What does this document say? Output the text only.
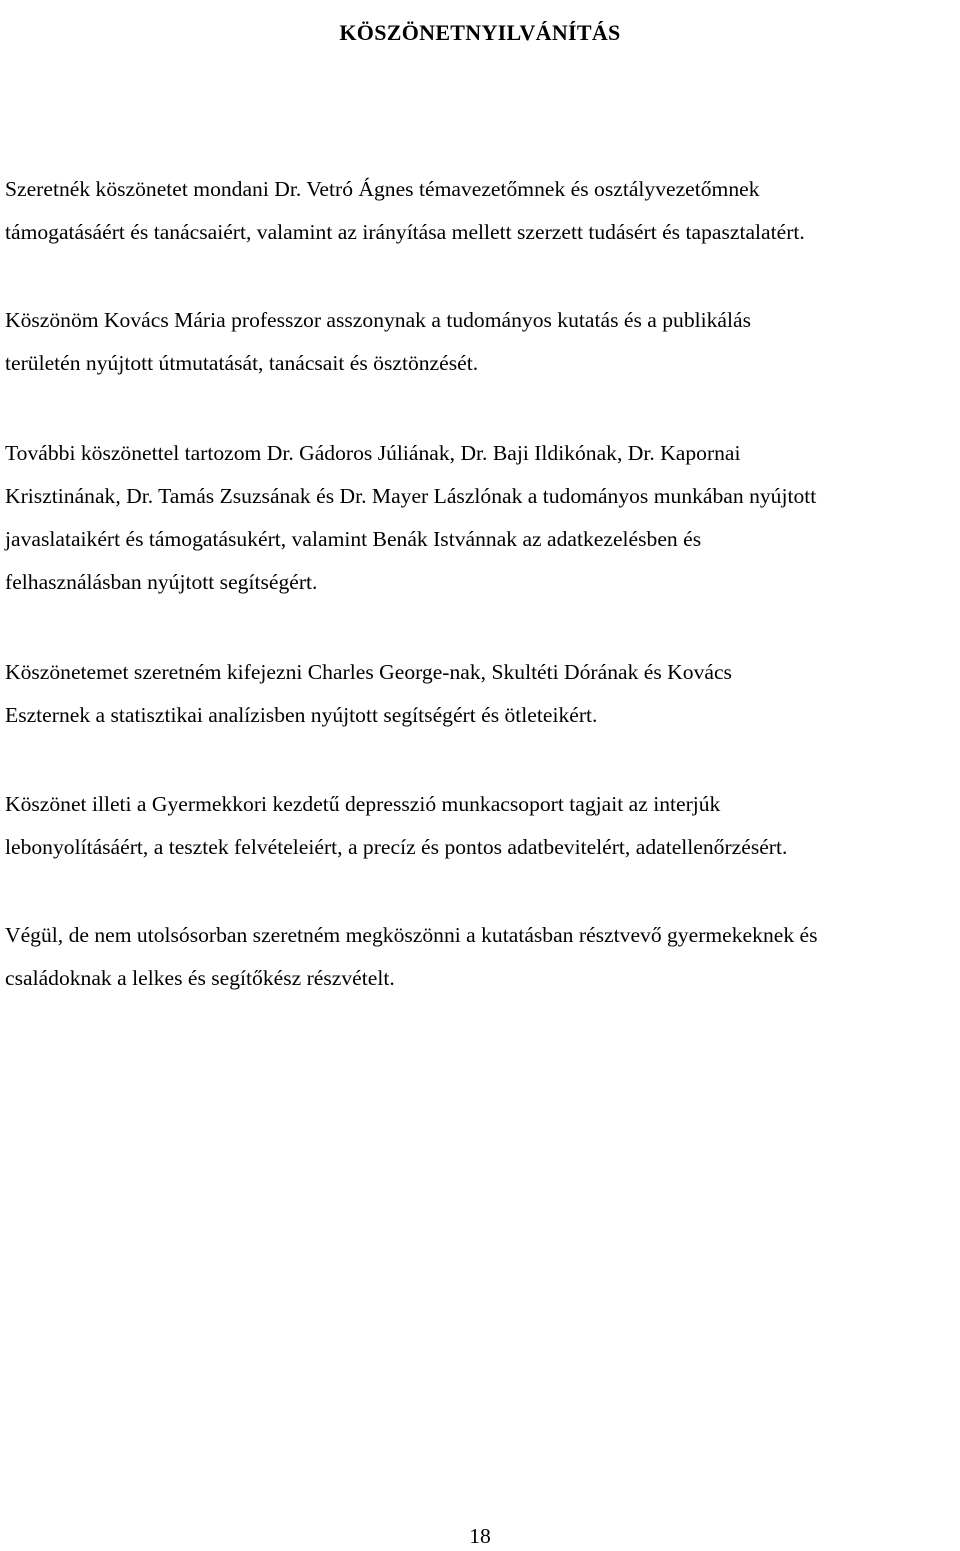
KÖSZÖNETNYILVÁNÍTÁS

Szeretnék köszönetet mondani Dr. Vetró Ágnes témavezetőmnek és osztályvezetőmnek
támogatásáért és tanácsaiért, valamint az irányítása mellett szerzett tudásért és tapasztalatért.

Köszönöm Kovács Mária professzor asszonynak a tudományos kutatás és a publikálás
területén nyújtott útmutatását, tanácsait és ösztönzését.

További köszönettel tartozom Dr. Gádoros Júliának, Dr. Baji Ildikónak, Dr. Kapornai
Krisztinának, Dr. Tamás Zsuzsának és Dr. Mayer Lászlónak a tudományos munkában nyújtott
javaslataikért és támogatásukért, valamint Benák Istvánnak az adatkezelésben és
felhasználásban nyújtott segítségért.

Köszönetemet szeretném kifejezni Charles George-nak, Skultéti Dórának és Kovács
Eszternek a statisztikai analízisben nyújtott segítségért és ötleteikért.

Köszönet illeti a Gyermekkori kezdetű depresszió munkacsoport tagjait az interjúk
lebonyolításáért, a tesztek felvételeiért, a precíz és pontos adatbevitelért, adatellenőrzésért.

Végül, de nem utolsósorban szeretném megköszönni a kutatásban résztvevő gyermekeknek és
családoknak a lelkes és segítőkész részvételt.

18
